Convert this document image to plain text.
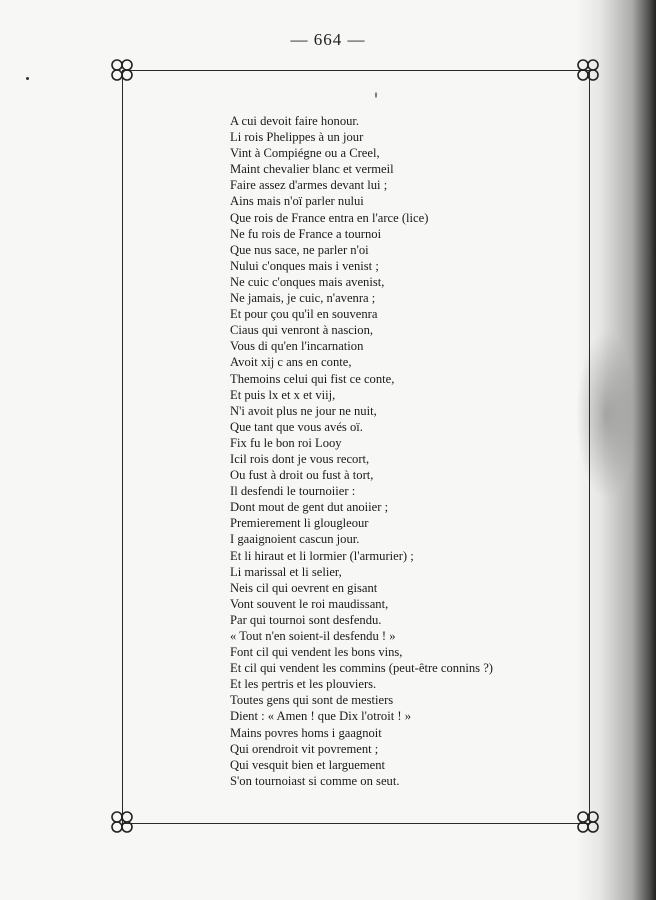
— 664 —
A cui devoit faire honour.
Li rois Phelippes à un jour
Vint à Compiégne ou a Creel,
Maint chevalier blanc et vermeil
Faire assez d'armes devant lui ;
Ains mais n'oï parler nului
Que rois de France entra en l'arce (lice)
Ne fu rois de France a tournoi
Que nus sace, ne parler n'oi
Nului c'onques mais i venist ;
Ne cuic c'onques mais avenist,
Ne jamais, je cuic, n'avenra ;
Et pour çou qu'il en souvenra
Ciaus qui venront à nascion,
Vous di qu'en l'incarnation
Avoit xij c ans en conte,
Themoins celui qui fist ce conte,
Et puis lx et x et viij,
N'i avoit plus ne jour ne nuit,
Que tant que vous avés oï.
Fix fu le bon roi Looy
Icil rois dont je vous recort,
Ou fust à droit ou fust à tort,
Il desfendi le tournoiier :
Dont mout de gent dut anoiier ;
Premierement li glougleour
I gaaignoient cascun jour.
Et li hiraut et li lormier (l'armurier) ;
Li marissal et li selier,
Neis cil qui oevrent en gisant
Vont souvent le roi maudissant,
Par qui tournoi sont desfendu.
« Tout n'en soient-il desfendu ! »
Font cil qui vendent les bons vins,
Et cil qui vendent les commins (peut-être connins ?)
Et les pertris et les plouviers.
Toutes gens qui sont de mestiers
Dient : « Amen ! que Dix l'otroit ! »
Mains povres homs i gaagnoit
Qui orendroit vit povrement ;
Qui vesquit bien et larguement
S'on tournoiast si comme on seut.
